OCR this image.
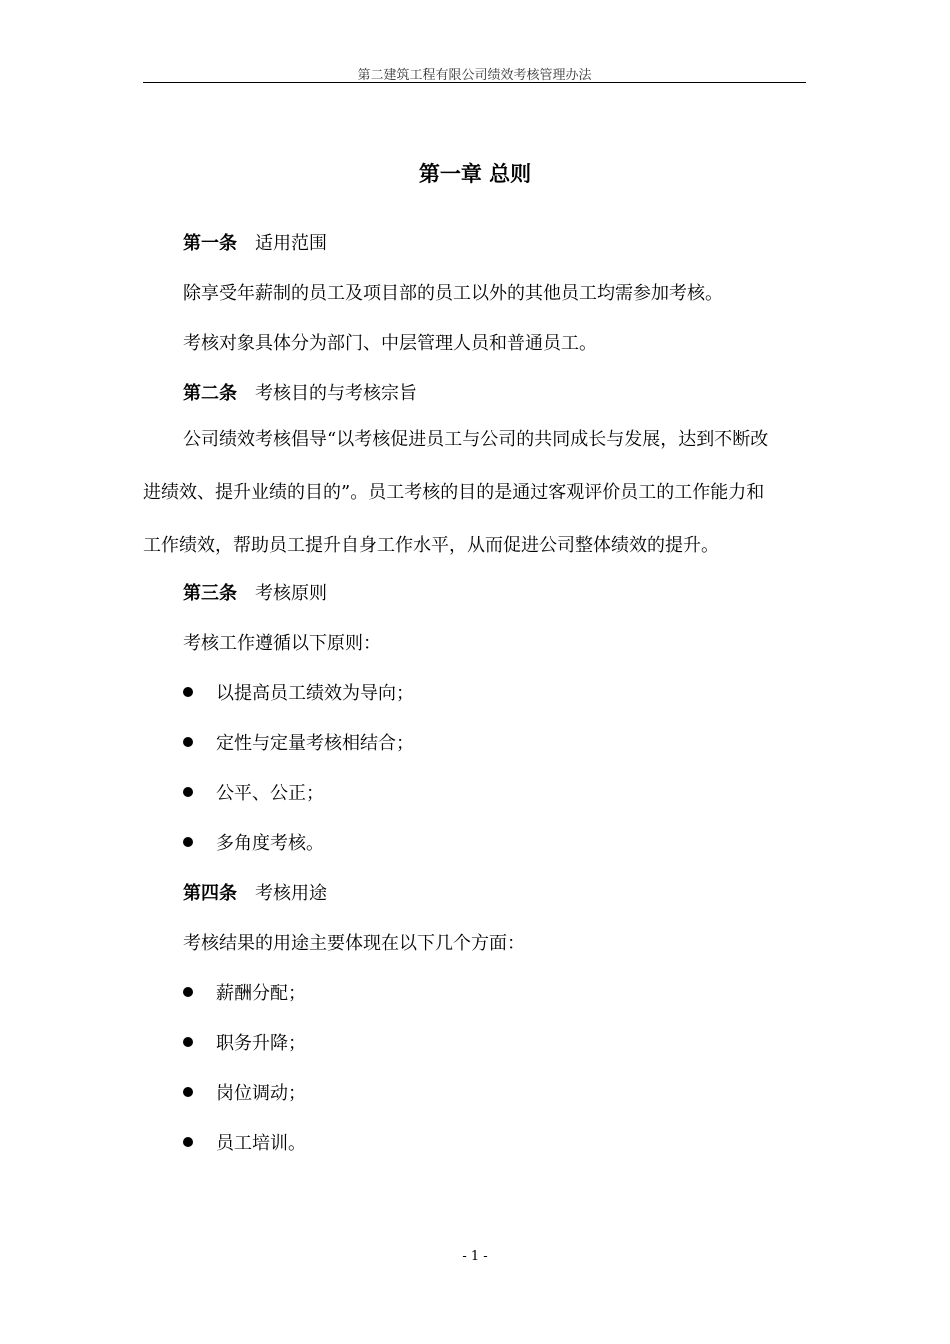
第二建筑工程有限公司绩效考核管理办法
第一章 总则
第一条 适用范围
除享受年薪制的员工及项目部的员工以外的其他员工均需参加考核。
考核对象具体分为部门、中层管理人员和普通员工。
第二条 考核目的与考核宗旨
公司绩效考核倡导“以考核促进员工与公司的共同成长与发展，达到不断改
进绩效、提升业绩的目的”。员工考核的目的是通过客观评价员工的工作能力和
工作绩效，帮助员工提升自身工作水平，从而促进公司整体绩效的提升。
第三条 考核原则
考核工作遵循以下原则：
以提高员工绩效为导向；
定性与定量考核相结合；
公平、公正；
多角度考核。
第四条 考核用途
考核结果的用途主要体现在以下几个方面：
薪酬分配；
职务升降；
岗位调动；
员工培训。
- 1 -
